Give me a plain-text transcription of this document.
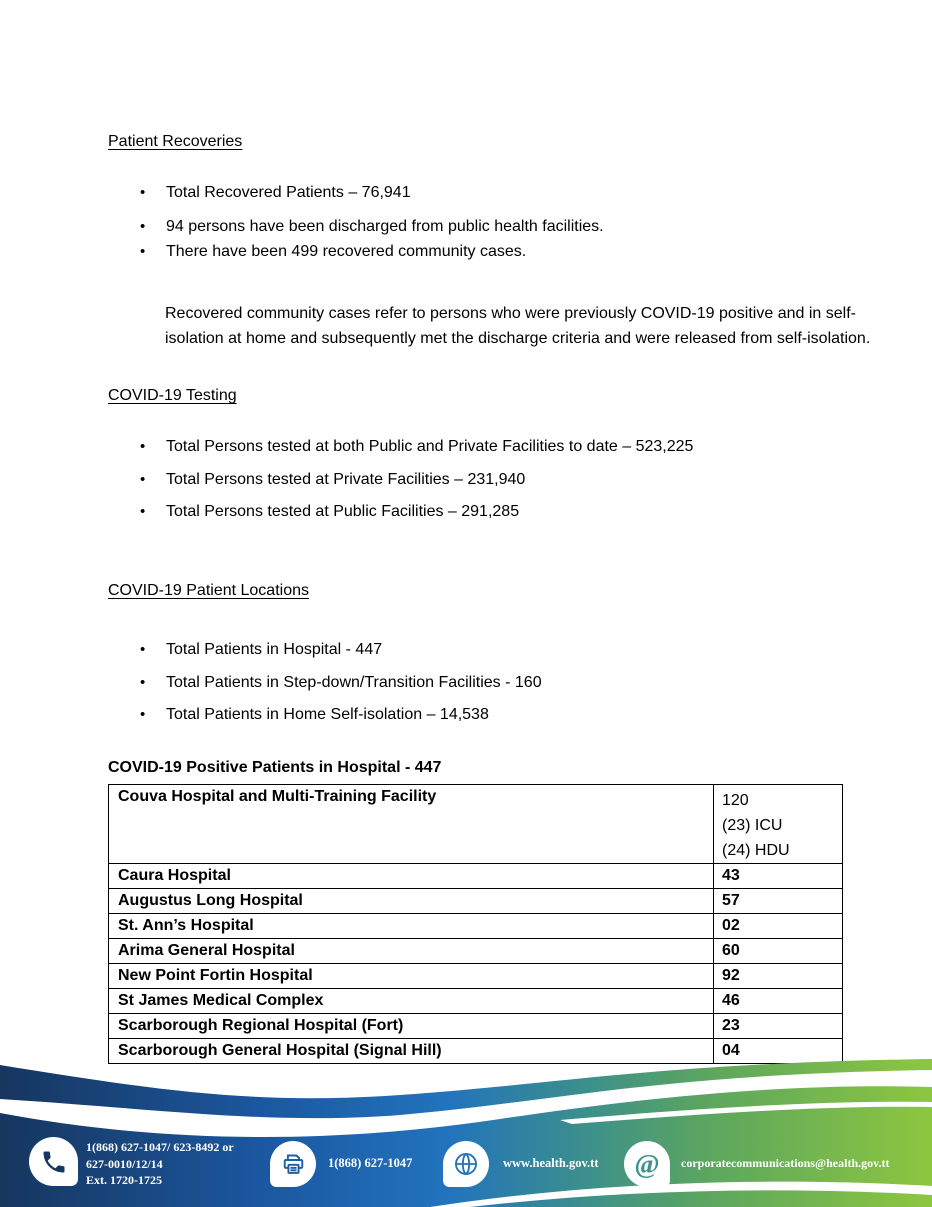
Patient Recoveries
•	Total Recovered Patients – 76,941
•	94 persons have been discharged from public health facilities.
•	There have been 499 recovered community cases.

Recovered community cases refer to persons who were previously COVID-19 positive and in self-isolation at home and subsequently met the discharge criteria and were released from self-isolation.

COVID-19 Testing
•	Total Persons tested at both Public and Private Facilities to date – 523,225
•	Total Persons tested at Private Facilities – 231,940
•	Total Persons tested at Public Facilities – 291,285
COVID-19 Patient Locations
•	Total Patients in Hospital - 447
•	Total Patients in Step-down/Transition Facilities - 160
•	Total Patients in Home Self-isolation – 14,538
COVID-19 Positive Patients in Hospital - 447
Couva Hospital and Multi-Training Facility	120
(23) ICU
(24) HDU

Caura Hospital	43
Augustus Long Hospital	57
St. Ann’s Hospital	02
Arima General Hospital	60
New Point Fortin Hospital	92
St James Medical Complex	46
Scarborough Regional Hospital (Fort)	23
Scarborough General Hospital (Signal Hill)	04
1(868) 627-1047/ 623-8492 or
627-0010/12/14
Ext. 1720-1725
1(868) 627-1047	www.health.gov.tt @ corporatecommunications@health.gov.tt
